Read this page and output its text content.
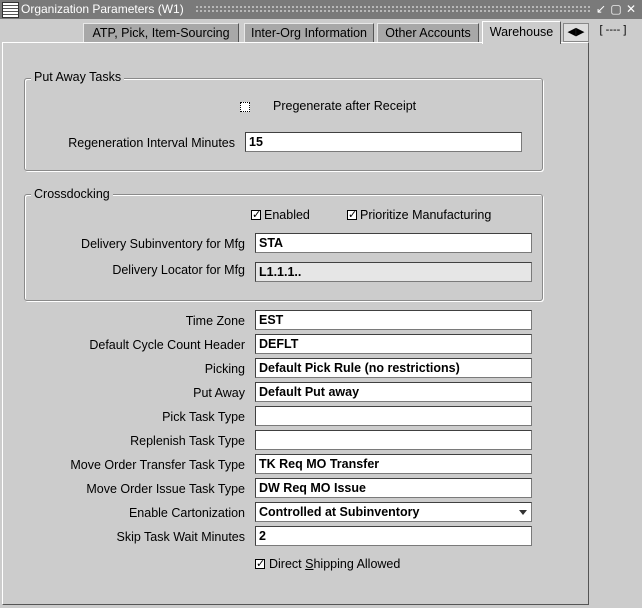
Organization Parameters (W1)	↙ ▢ ✕
ATP, Pick, Item-Sourcing	Inter-Org Information	Other Accounts	Warehouse	◀▶	[ ---- ]
Put Away Tasks
Pregenerate after Receipt
Regeneration Interval Minutes	15
Crossdocking
✓ Enabled	✓ Prioritize Manufacturing
Delivery Subinventory for Mfg	STA
Delivery Locator for Mfg	L1.1.1..
Time Zone	EST
Default Cycle Count Header	DEFLT
Picking	Default Pick Rule (no restrictions)
Put Away	Default Put away
Pick Task Type
Replenish Task Type
Move Order Transfer Task Type	TK Req MO Transfer
Move Order Issue Task Type	DW Req MO Issue
Enable Cartonization	Controlled at Subinventory
Skip Task Wait Minutes	2
✓ Direct Shipping Allowed
